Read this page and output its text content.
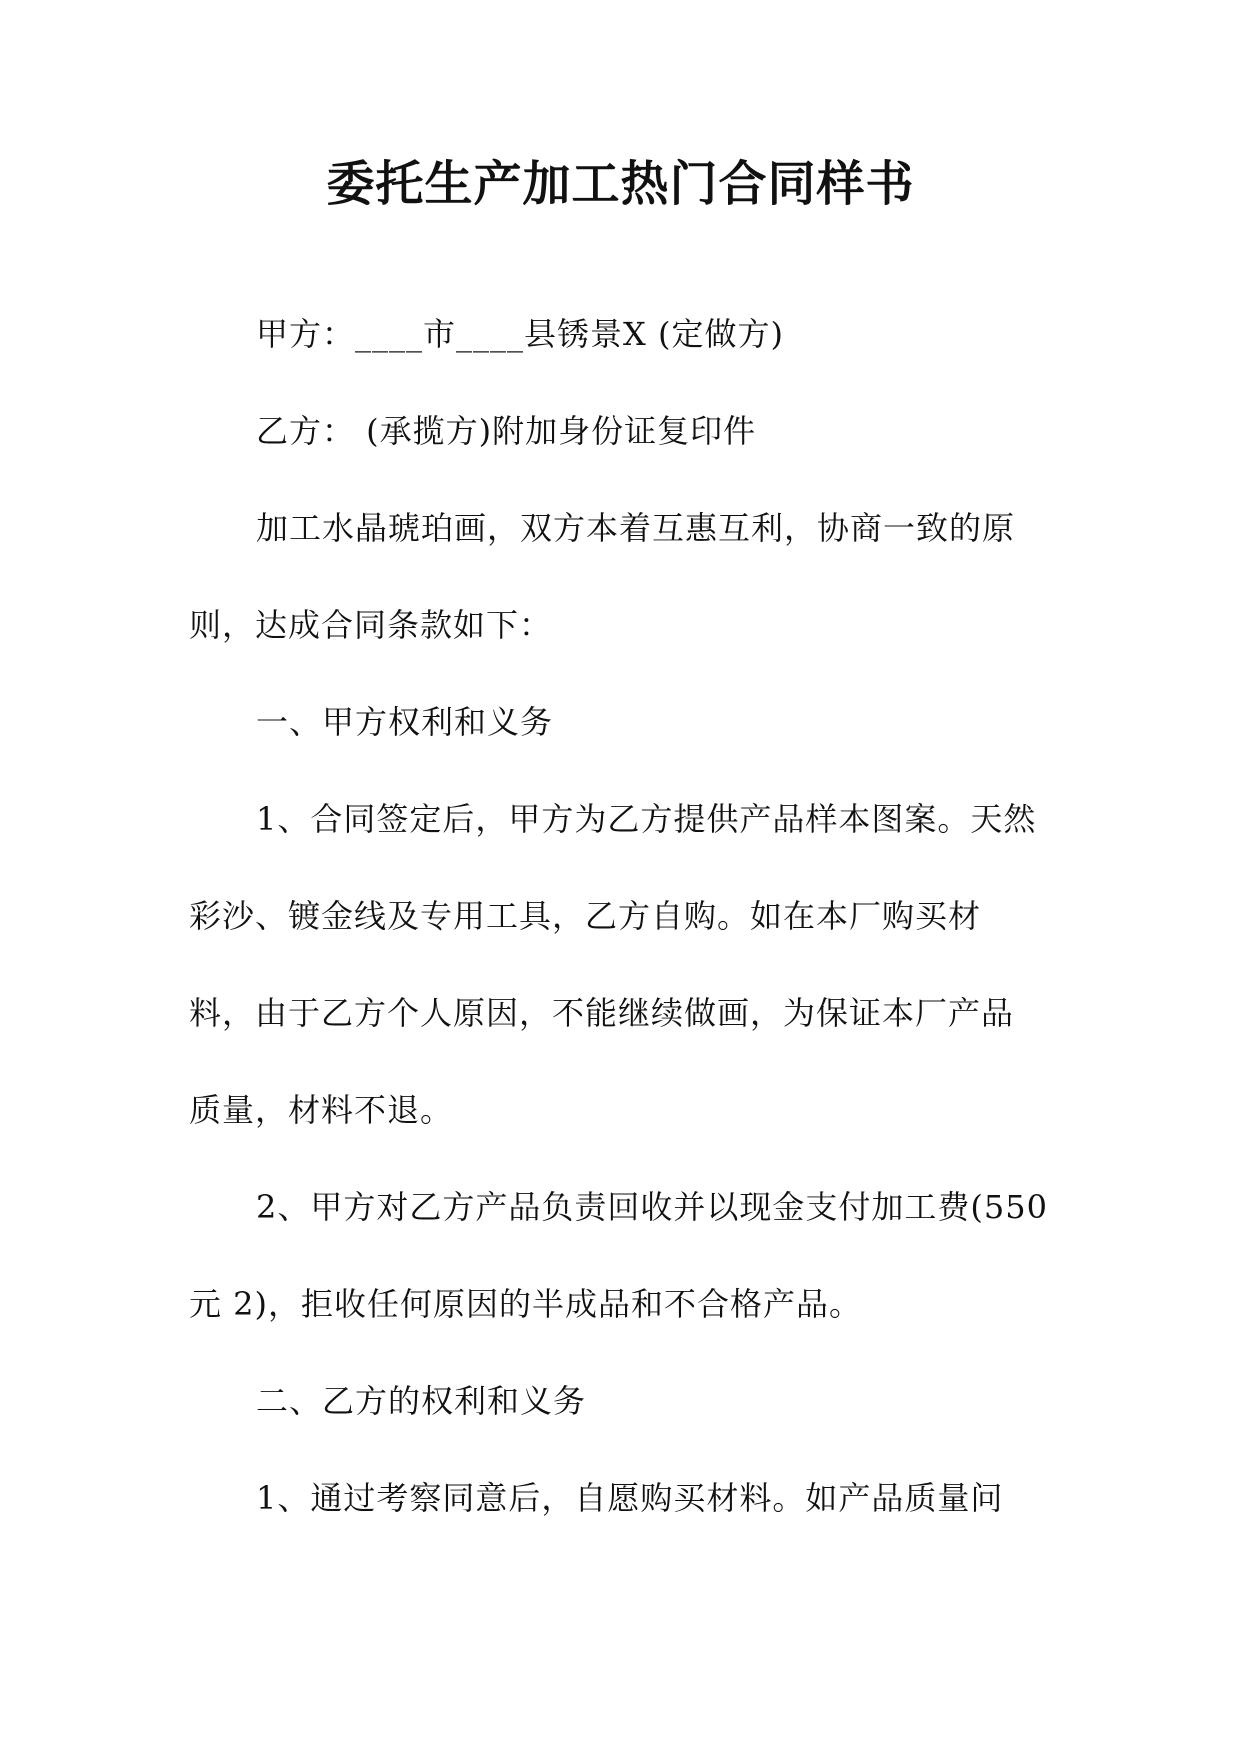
委托生产加工热门合同样书
甲方：____市____县锈景X (定做方)
乙方： (承揽方)附加身份证复印件
加工水晶琥珀画，双方本着互惠互利，协商一致的原
则，达成合同条款如下：
一、甲方权利和义务
1、合同签定后，甲方为乙方提供产品样本图案。天然
彩沙、镀金线及专用工具，乙方自购。如在本厂购买材
料，由于乙方个人原因，不能继续做画，为保证本厂产品
质量，材料不退。
2、甲方对乙方产品负责回收并以现金支付加工费(550
元 2)，拒收任何原因的半成品和不合格产品。
二、乙方的权利和义务
1、通过考察同意后，自愿购买材料。如产品质量问
